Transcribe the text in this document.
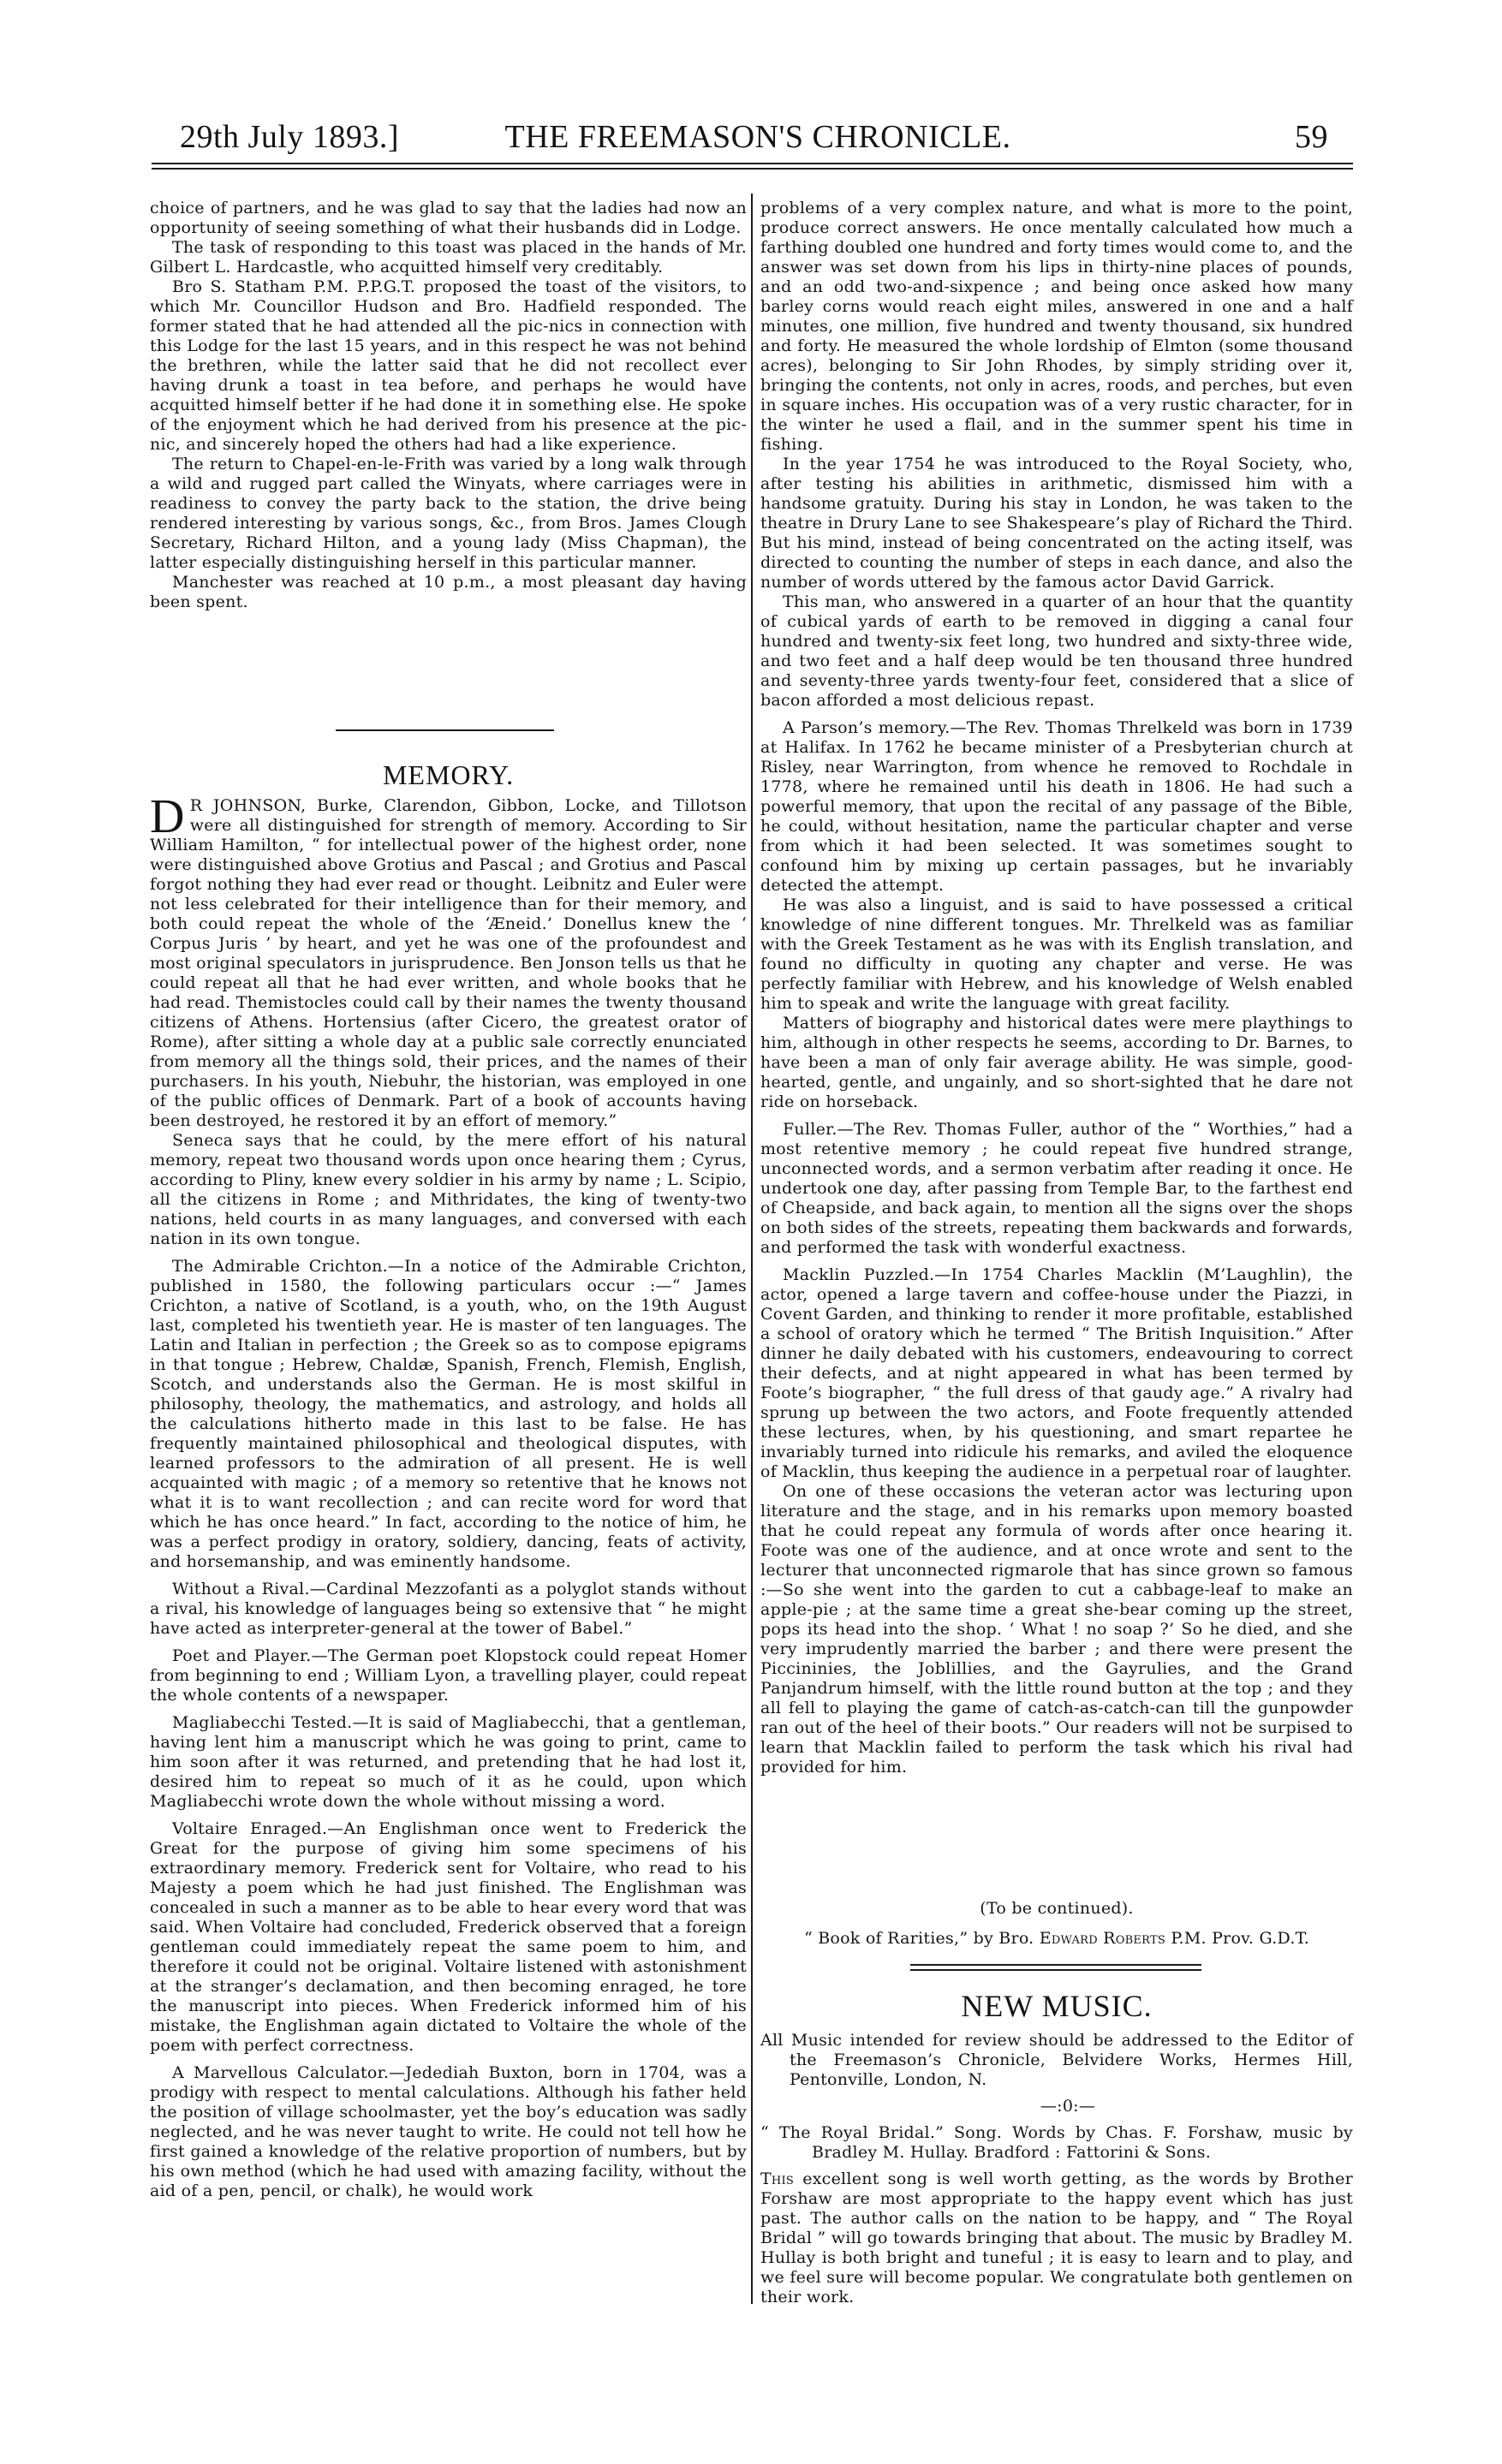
29th July 1893.]	THE FREEMASON'S CHRONICLE.	59

choice of partners, and he was glad to say that the ladies had now an opportunity of seeing something of what their husbands did in Lodge.

The task of responding to this toast was placed in the hands of Mr. Gilbert L. Hardcastle, who acquitted himself very creditably.

Bro S. Statham P.M. P.P.G.T. proposed the toast of the visitors, to which Mr. Councillor Hudson and Bro. Hadfield responded. The former stated that he had attended all the pic-nics in connection with this Lodge for the last 15 years, and in this respect he was not behind the brethren, while the latter said that he did not recollect ever having drunk a toast in tea before, and perhaps he would have acquitted himself better if he had done it in something else. He spoke of the enjoyment which he had derived from his presence at the pic-nic, and sincerely hoped the others had had a like experience.

The return to Chapel-en-le-Frith was varied by a long walk through a wild and rugged part called the Winyats, where carriages were in readiness to convey the party back to the station, the drive being rendered interesting by various songs, &c., from Bros. James Clough Secretary, Richard Hilton, and a young lady (Miss Chapman), the latter especially distinguishing herself in this particular manner.

Manchester was reached at 10 p.m., a most pleasant day having been spent.

MEMORY.

D R JOHNSON, Burke, Clarendon, Gibbon, Locke, and Tillotson were all distinguished for strength of memory. According to Sir William Hamilton, “ for intellectual power of the highest order, none were distinguished above Grotius and Pascal ; and Grotius and Pascal forgot nothing they had ever read or thought. Leibnitz and Euler were not less celebrated for their intelligence than for their memory, and both could repeat the whole of the ‘Æneid.’ Donellus knew the ‘ Corpus Juris ’ by heart, and yet he was one of the profoundest and most original speculators in jurisprudence. Ben Jonson tells us that he could repeat all that he had ever written, and whole books that he had read. Themistocles could call by their names the twenty thousand citizens of Athens. Hortensius (after Cicero, the greatest orator of Rome), after sitting a whole day at a public sale correctly enunciated from memory all the things sold, their prices, and the names of their purchasers. In his youth, Niebuhr, the historian, was employed in one of the public offices of Denmark. Part of a book of accounts having been destroyed, he restored it by an effort of memory.”

Seneca says that he could, by the mere effort of his natural memory, repeat two thousand words upon once hearing them ; Cyrus, according to Pliny, knew every soldier in his army by name ; L. Scipio, all the citizens in Rome ; and Mithridates, the king of twenty-two nations, held courts in as many languages, and conversed with each nation in its own tongue.

The Admirable Crichton.—In a notice of the Admirable Crichton, published in 1580, the following particulars occur :—“ James Crichton, a native of Scotland, is a youth, who, on the 19th August last, completed his twentieth year. He is master of ten languages. The Latin and Italian in perfection ; the Greek so as to compose epigrams in that tongue ; Hebrew, Chaldæ, Spanish, French, Flemish, English, Scotch, and understands also the German. He is most skilful in philosophy, theology, the mathematics, and astrology, and holds all the calculations hitherto made in this last to be false. He has frequently maintained philosophical and theological disputes, with learned professors to the admiration of all present. He is well acquainted with magic ; of a memory so retentive that he knows not what it is to want recollection ; and can recite word for word that which he has once heard.” In fact, according to the notice of him, he was a perfect prodigy in oratory, soldiery, dancing, feats of activity, and horsemanship, and was eminently handsome.

Without a Rival.—Cardinal Mezzofanti as a polyglot stands without a rival, his knowledge of languages being so extensive that “ he might have acted as interpreter-general at the tower of Babel.”

Poet and Player.—The German poet Klopstock could repeat Homer from beginning to end ; William Lyon, a travelling player, could repeat the whole contents of a newspaper.

Magliabecchi Tested.—It is said of Magliabecchi, that a gentleman, having lent him a manuscript which he was going to print, came to him soon after it was returned, and pretending that he had lost it, desired him to repeat so much of it as he could, upon which Magliabecchi wrote down the whole without missing a word.

Voltaire Enraged.—An Englishman once went to Frederick the Great for the purpose of giving him some specimens of his extraordinary memory. Frederick sent for Voltaire, who read to his Majesty a poem which he had just finished. The Englishman was concealed in such a manner as to be able to hear every word that was said. When Voltaire had concluded, Frederick observed that a foreign gentleman could immediately repeat the same poem to him, and therefore it could not be original. Voltaire listened with astonishment at the stranger’s declamation, and then becoming enraged, he tore the manuscript into pieces. When Frederick informed him of his mistake, the Englishman again dictated to Voltaire the whole of the poem with perfect correctness.

A Marvellous Calculator.—Jedediah Buxton, born in 1704, was a prodigy with respect to mental calculations. Although his father held the position of village schoolmaster, yet the boy’s education was sadly neglected, and he was never taught to write. He could not tell how he first gained a knowledge of the relative proportion of numbers, but by his own method (which he had used with amazing facility, without the aid of a pen, pencil, or chalk), he would work

problems of a very complex nature, and what is more to the point, produce correct answers. He once mentally calculated how much a farthing doubled one hundred and forty times would come to, and the answer was set down from his lips in thirty-nine places of pounds, and an odd two-and-sixpence ; and being once asked how many barley corns would reach eight miles, answered in one and a half minutes, one million, five hundred and twenty thousand, six hundred and forty. He measured the whole lordship of Elmton (some thousand acres), belonging to Sir John Rhodes, by simply striding over it, bringing the contents, not only in acres, roods, and perches, but even in square inches. His occupation was of a very rustic character, for in the winter he used a flail, and in the summer spent his time in fishing.

In the year 1754 he was introduced to the Royal Society, who, after testing his abilities in arithmetic, dismissed him with a handsome gratuity. During his stay in London, he was taken to the theatre in Drury Lane to see Shakespeare’s play of Richard the Third. But his mind, instead of being concentrated on the acting itself, was directed to counting the number of steps in each dance, and also the number of words uttered by the famous actor David Garrick.

This man, who answered in a quarter of an hour that the quantity of cubical yards of earth to be removed in digging a canal four hundred and twenty-six feet long, two hundred and sixty-three wide, and two feet and a half deep would be ten thousand three hundred and seventy-three yards twenty-four feet, considered that a slice of bacon afforded a most delicious repast.

A Parson’s memory.—The Rev. Thomas Threlkeld was born in 1739 at Halifax. In 1762 he became minister of a Presbyterian church at Risley, near Warrington, from whence he removed to Rochdale in 1778, where he remained until his death in 1806. He had such a powerful memory, that upon the recital of any passage of the Bible, he could, without hesitation, name the particular chapter and verse from which it had been selected. It was sometimes sought to confound him by mixing up certain passages, but he invariably detected the attempt.

He was also a linguist, and is said to have possessed a critical knowledge of nine different tongues. Mr. Threlkeld was as familiar with the Greek Testament as he was with its English translation, and found no difficulty in quoting any chapter and verse. He was perfectly familiar with Hebrew, and his knowledge of Welsh enabled him to speak and write the language with great facility.

Matters of biography and historical dates were mere playthings to him, although in other respects he seems, according to Dr. Barnes, to have been a man of only fair average ability. He was simple, good-hearted, gentle, and ungainly, and so short-sighted that he dare not ride on horseback.

Fuller.—The Rev. Thomas Fuller, author of the “ Worthies,” had a most retentive memory ; he could repeat five hundred strange, unconnected words, and a sermon verbatim after reading it once. He undertook one day, after passing from Temple Bar, to the farthest end of Cheapside, and back again, to mention all the signs over the shops on both sides of the streets, repeating them backwards and forwards, and performed the task with wonderful exactness.

Macklin Puzzled.—In 1754 Charles Macklin (M’Laughlin), the actor, opened a large tavern and coffee-house under the Piazzi, in Covent Garden, and thinking to render it more profitable, established a school of oratory which he termed “ The British Inquisition.” After dinner he daily debated with his customers, endeavouring to correct their defects, and at night appeared in what has been termed by Foote’s biographer, “ the full dress of that gaudy age.” A rivalry had sprung up between the two actors, and Foote frequently attended these lectures, when, by his questioning, and smart repartee he invariably turned into ridicule his remarks, and aviled the eloquence of Macklin, thus keeping the audience in a perpetual roar of laughter.

On one of these occasions the veteran actor was lecturing upon literature and the stage, and in his remarks upon memory boasted that he could repeat any formula of words after once hearing it. Foote was one of the audience, and at once wrote and sent to the lecturer that unconnected rigmarole that has since grown so famous :—So she went into the garden to cut a cabbage-leaf to make an apple-pie ; at the same time a great she-bear coming up the street, pops its head into the shop. ‘ What ! no soap ?’ So he died, and she very imprudently married the barber ; and there were present the Piccininies, the Joblillies, and the Gayrulies, and the Grand Panjandrum himself, with the little round button at the top ; and they all fell to playing the game of catch-as-catch-can till the gunpowder ran out of the heel of their boots.” Our readers will not be surpised to learn that Macklin failed to perform the task which his rival had provided for him.

(To be continued).
“ Book of Rarities,” by Bro. Edward Roberts P.M. Prov. G.D.T.
NEW MUSIC.

All Music intended for review should be addressed to the Editor of the Freemason’s Chronicle, Belvidere Works, Hermes Hill, Pentonville, London, N.

—:0:—

“ The Royal Bridal.” Song. Words by Chas. F. Forshaw, music by Bradley M. Hullay. Bradford : Fattorini & Sons.

This excellent song is well worth getting, as the words by Brother Forshaw are most appropriate to the happy event which has just past. The author calls on the nation to be happy, and “ The Royal Bridal ” will go towards bringing that about. The music by Bradley M. Hullay is both bright and tuneful ; it is easy to learn and to play, and we feel sure will become popular. We congratulate both gentlemen on their work.
